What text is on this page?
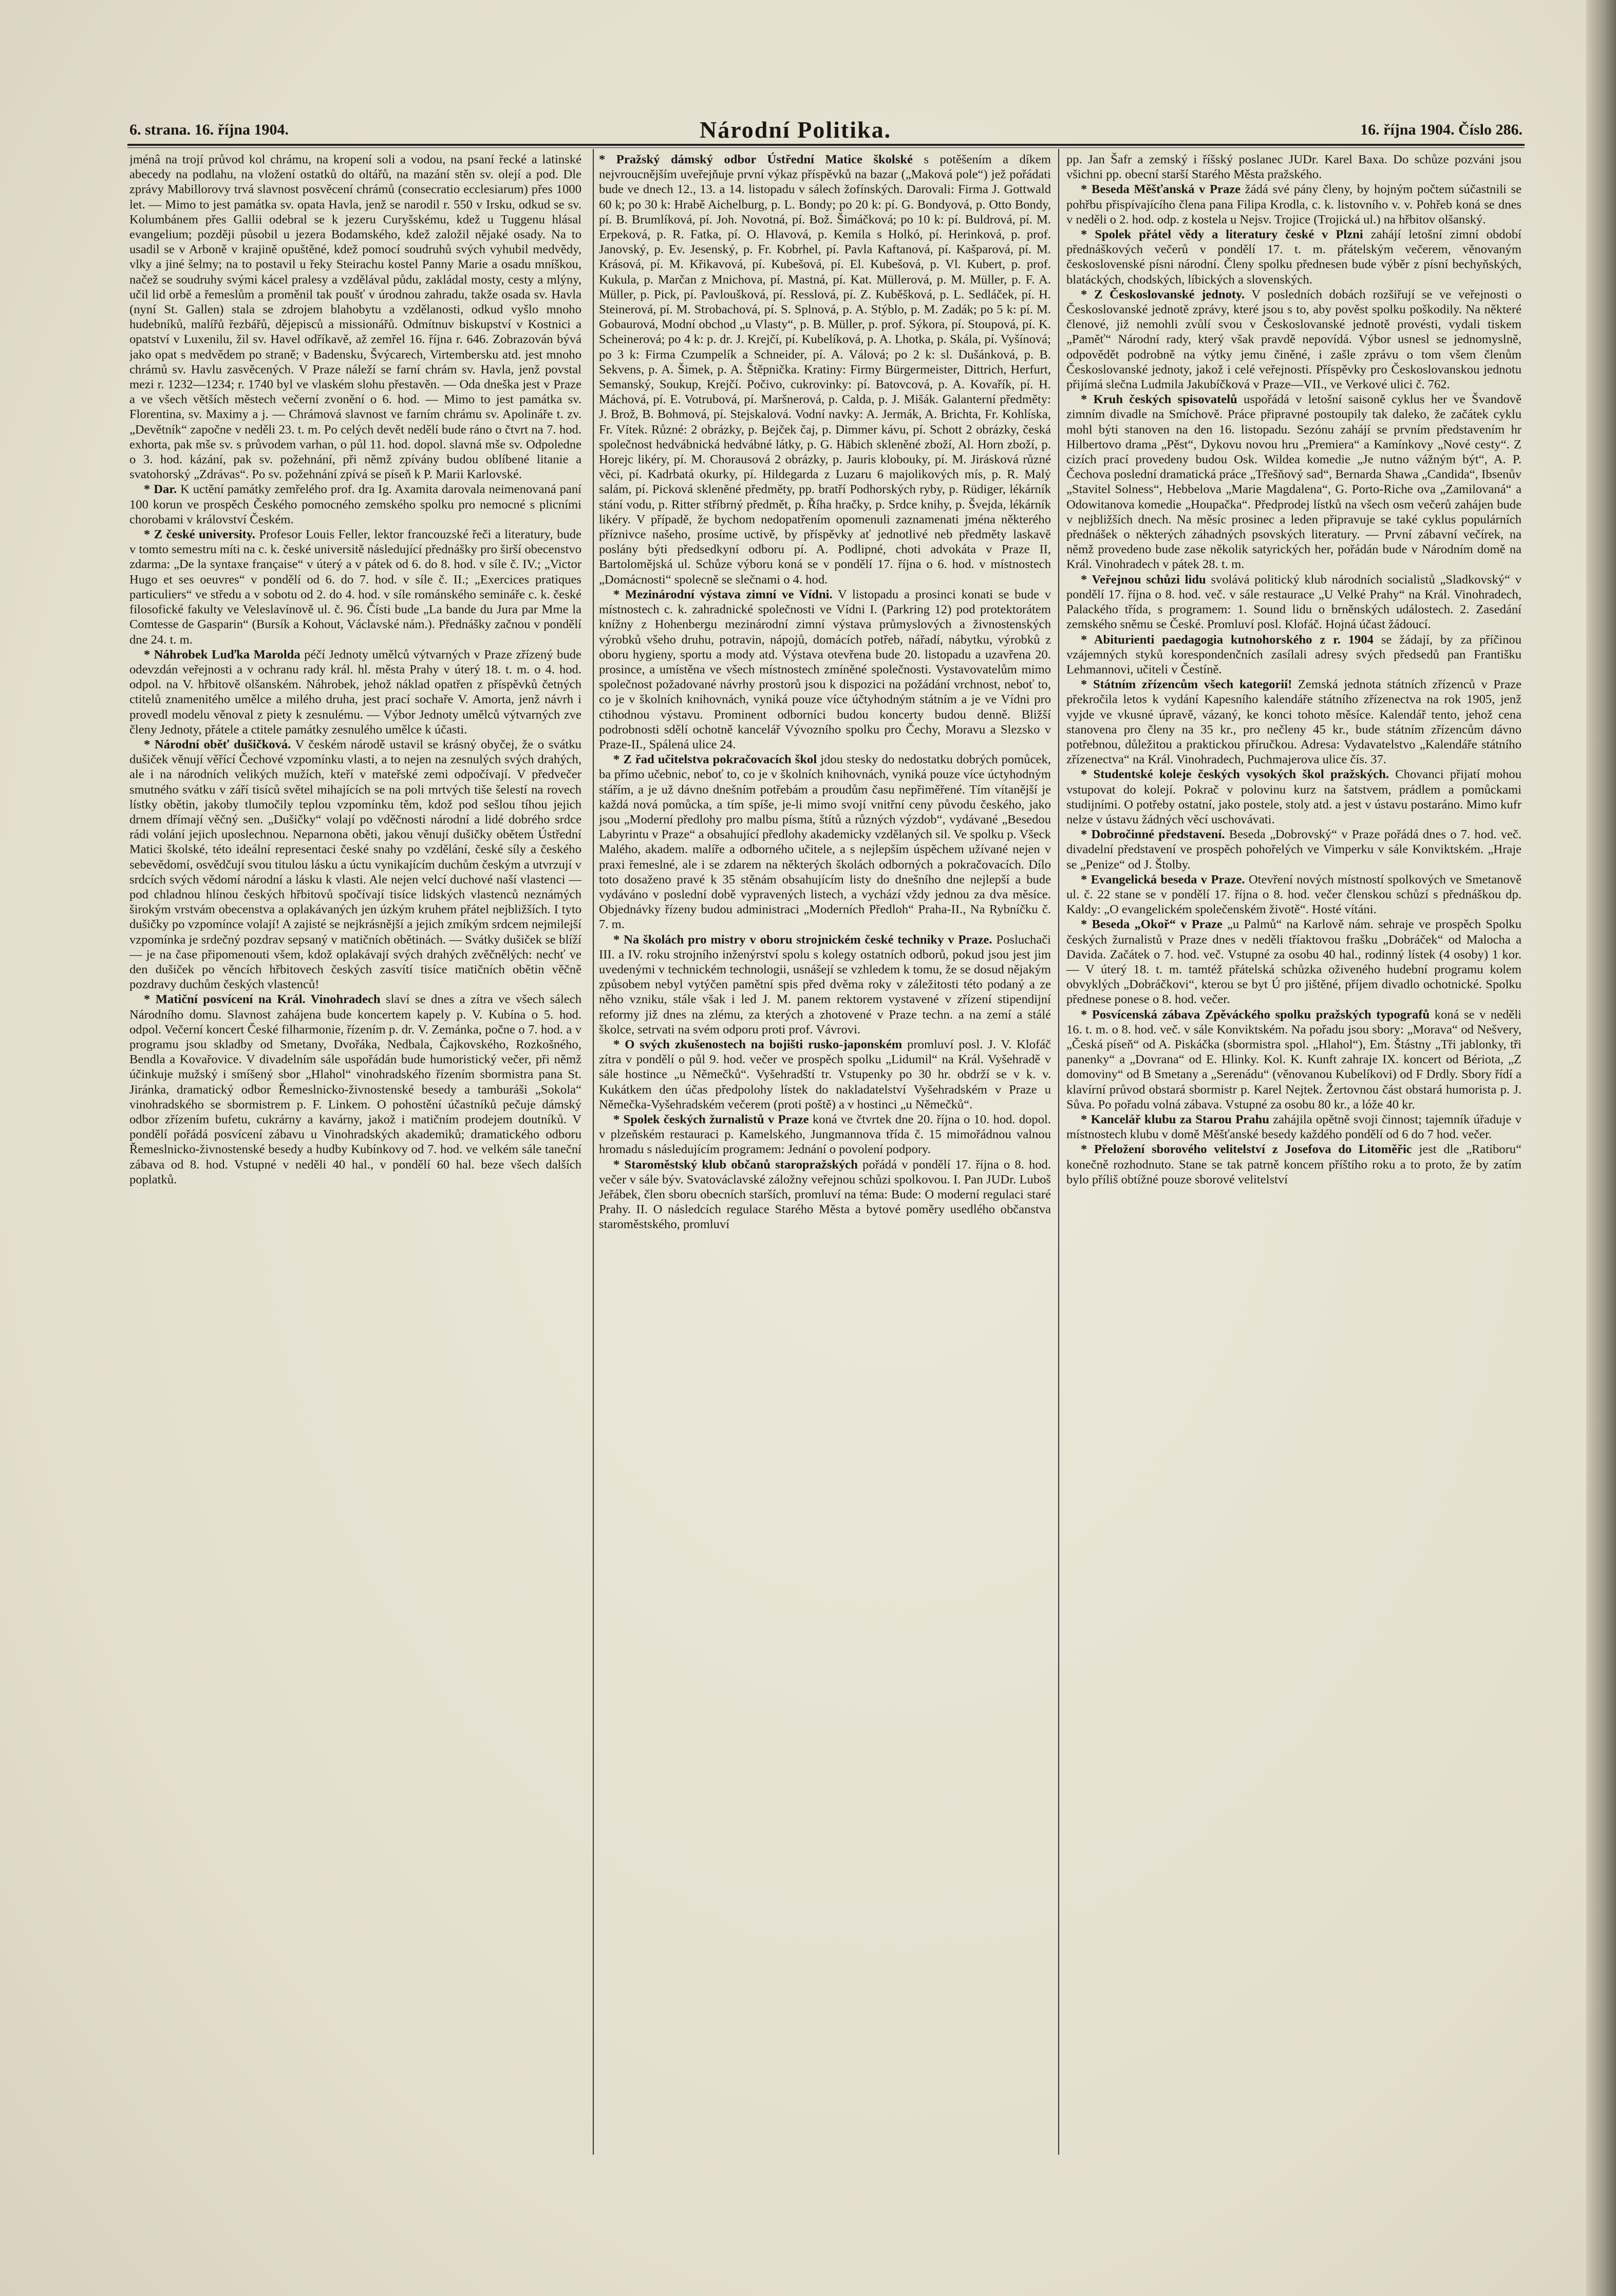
6. strana. 16. října 1904.	Národní Politika.	16. října 1904. Číslo 286.

jménâ na trojí průvod kol chrámu, na kropení soli a vodou, na psaní řecké a latinské abecedy na podlahu, na vložení ostatků do oltářů, na mazání stěn sv. olejí a pod. Dle zprávy Mabillorovy trvá slavnost posvěcení chrámů (consecratio ecclesiarum) přes 1000 let. — Mimo to jest památka sv. opata Havla, jenž se narodil r. 550 v Irsku, odkud se sv. Kolumbánem přes Gallii odebral se k jezeru Curyšskému, kdež u Tuggenu hlásal evangelium; později působil u jezera Bodamského, kdež založil nějaké osady. Na to usadil se v Arboně v krajině opuštěné, kdež pomocí soudruhů svých vyhubil medvědy, vlky a jiné šelmy; na to postavil u řeky Steirachu kostel Panny Marie a osadu mníškou, načež se soudruhy svými kácel pralesy a vzdělával půdu, zakládal mosty, cesty a mlýny, učil lid orbě a řemeslům a proměnil tak poušť v úrodnou zahradu, takže osada sv. Havla (nyní St. Gallen) stala se zdrojem blahobytu a vzdělanosti, odkud vyšlo mnoho hudebníků, malířů řezbářů, dějepisců a missionářů. Odmítnuv biskupství v Kostnici a opatství v Luxenilu, žil sv. Havel odříkavě, až zemřel 16. října r. 646. Zobrazován bývá jako opat s medvědem po straně; v Badensku, Švýcarech, Virtembersku atd. jest mnoho chrámů sv. Havlu zasvěcených. V Praze náleží se farní chrám sv. Havla, jenž povstal mezi r. 1232—1234; r. 1740 byl ve vlaském slohu přestavěn. — Oda dneška jest v Praze a ve všech větších městech večerní zvonění o 6. hod. — Mimo to jest památka sv. Florentina, sv. Maximy a j. — Chrámová slavnost ve farním chrámu sv. Apolináře t. zv. „Devětník“ započne v neděli 23. t. m. Po celých devět nedělí bude ráno o čtvrt na 7. hod. exhorta, pak mše sv. s průvodem varhan, o půl 11. hod. dopol. slavná mše sv. Odpoledne o 3. hod. kázání, pak sv. požehnání, při němž zpívány budou oblíbené litanie a svatohorský „Zdrávas“. Po sv. požehnání zpívá se píseň k P. Marii Karlovské.

* Dar. K uctění památky zemřelého prof. dra Ig. Axamita darovala neimenovaná paní 100 korun ve prospěch Českého pomocného zemského spolku pro nemocné s plicními chorobami v království Českém.

* Z české university. Profesor Louis Feller, lektor francouzské řeči a literatury, bude v tomto semestru míti na c. k. české universitě následující přednášky pro širší obecenstvo zdarma: „De la syntaxe française“ v úterý a v pátek od 6. do 8. hod. v síle č. IV.; „Victor Hugo et ses oeuvres“ v pondělí od 6. do 7. hod. v síle č. II.; „Exercices pratiques particuliers“ ve středu a v sobotu od 2. do 4. hod. v síle románského semináře c. k. české filosofické fakulty ve Veleslavínově ul. č. 96. Čísti bude „La bande du Jura par Mme la Comtesse de Gasparin“ (Bursík a Kohout, Václavské nám.). Přednášky začnou v pondělí dne 24. t. m.

* Náhrobek Luďka Marolda péčí Jednoty umělců výtvarných v Praze zřízený bude odevzdán veřejnosti a v ochranu rady král. hl. města Prahy v úterý 18. t. m. o 4. hod. odpol. na V. hřbitově olšanském. Náhrobek, jehož náklad opatřen z příspěvků četných ctitelů znamenitého umělce a milého druha, jest prací sochaře V. Amorta, jenž návrh i provedl modelu věnoval z piety k zesnulému. — Výbor Jednoty umělců výtvarných zve členy Jednoty, přátele a ctitele památky zesnulého umělce k účasti.

* Národní oběť dušičková. V českém národě ustavil se krásný obyčej, že o svátku dušiček věnují věřící Čechové vzpomínku vlasti, a to nejen na zesnulých svých drahých, ale i na národních velikých mužích, kteří v mateřské zemi odpočívají. V předvečer smutného svátku v září tisíců světel mihajících se na poli mrtvých tiše šelestí na rovech lístky obětin, jakoby tlumočily teplou vzpomínku těm, kdož pod sešlou tíhou jejich drnem dřímají věčný sen. „Dušičky“ volají po vděčnosti národní a lidé dobrého srdce rádi volání jejich uposlechnou. Neparnona oběti, jakou věnují dušičky obětem Ústřední Matici školské, této ideální representaci české snahy po vzdělání, české síly a českého sebevědomí, osvědčují svou titulou lásku a úctu vynikajícím duchům českým a utvrzují v srdcích svých vědomí národní a lásku k vlasti. Ale nejen velcí duchové naší vlastenci — pod chladnou hlínou českých hřbitovů spočívají tisíce lidských vlastenců neznámých širokým vrstvám obecenstva a oplakávaných jen úzkým kruhem přátel nejbližších. I tyto dušičky po vzpomínce volají! A zajisté se nejkrásnější a jejich zmíkým srdcem nejmilejší vzpomínka je srdečný pozdrav sepsaný v matičních obětinách. — Svátky dušiček se blíží — je na čase připomenouti všem, kdož oplakávají svých drahých zvěčnělých: nechť ve den dušiček po věncích hřbitovech českých zasvítí tisíce matičních obětin věčně pozdravy duchům českých vlastenců!

* Matiční posvícení na Král. Vinohradech slaví se dnes a zítra ve všech sálech Národního domu. Slavnost zahájena bude koncertem kapely p. V. Kubína o 5. hod. odpol. Večerní koncert České filharmonie, řízením p. dr. V. Zemánka, počne o 7. hod. a v programu jsou skladby od Smetany, Dvořáka, Nedbala, Čajkovského, Rozkošného, Bendla a Kovařovice. V divadelním sále uspořádán bude humoristický večer, při němž účinkuje mužský i smíšený sbor „Hlahol“ vinohradského řízením sbormistra pana St. Jiránka, dramatický odbor Řemeslnicko-živnostenské besedy a tamburáši „Sokola“ vinohradského se sbormistrem p. F. Linkem. O pohostění účastníků pečuje dámský odbor zřízením bufetu, cukrárny a kavárny, jakož i matičním prodejem doutníků. V pondělí pořádá posvícení zábavu u Vinohradských akademiků; dramatického odboru Řemeslnicko-živnostenské besedy a hudby Kubínkovy od 7. hod. ve velkém sále taneční zábava od 8. hod. Vstupné v neděli 40 hal., v pondělí 60 hal. beze všech dalších poplatků.

* Pražský dámský odbor Ústřední Matice školské s potěšením a díkem nejvroucnějším uveřejňuje první výkaz příspěvků na bazar („Maková pole“) jež pořádati bude ve dnech 12., 13. a 14. listopadu v sálech žofínských. Darovali: Firma J. Gottwald 60 k; po 30 k: Hrabě Aichelburg, p. L. Bondy; po 20 k: pí. G. Bondyová, p. Otto Bondy, pí. B. Brumlíková, pí. Joh. Novotná, pí. Bož. Šimáčková; po 10 k: pí. Buldrová, pí. M. Erpeková, p. R. Fatka, pí. O. Hlavová, p. Kemila s Holkó, pí. Herinková, p. prof. Janovský, p. Ev. Jesenský, p. Fr. Kobrhel, pí. Pavla Kaftanová, pí. Kašparová, pí. M. Krásová, pí. M. Křikavová, pí. Kubešová, pí. El. Kubešová, p. Vl. Kubert, p. prof. Kukula, p. Marčan z Mnichova, pí. Mastná, pí. Kat. Müllerová, p. M. Müller, p. F. A. Müller, p. Pick, pí. Pavloušková, pí. Resslová, pí. Z. Kuběšková, p. L. Sedláček, pí. H. Steinerová, pí. M. Strobachová, pí. S. Splnová, p. A. Stýblo, p. M. Zadák; po 5 k: pí. M. Gobaurová, Modní obchod „u Vlasty“, p. B. Müller, p. prof. Sýkora, pí. Stoupová, pí. K. Scheinerová; po 4 k: p. dr. J. Krejčí, pí. Kubelíková, p. A. Lhotka, p. Skála, pí. Vyšínová; po 3 k: Firma Czumpelík a Schneider, pí. A. Válová; po 2 k: sl. Dušánková, p. B. Sekvens, p. A. Šimek, p. A. Štěpnička. Kratiny: Firmy Bürgermeister, Dittrich, Herfurt, Semanský, Soukup, Krejčí. Počivo, cukrovinky: pí. Batovcová, p. A. Kovařík, pí. H. Máchová, pí. E. Votrubová, pí. Maršnerová, p. Calda, p. J. Mišák. Galanterní předměty: J. Brož, B. Bohmová, pí. Stejskalová. Vodní navky: A. Jermák, A. Brichta, Fr. Kohlíska, Fr. Vítek. Různé: 2 obrázky, p. Bejček čaj, p. Dimmer kávu, pí. Schott 2 obrázky, česká společnost hedvábnická hedvábné látky, p. G. Häbich skleněné zboží, Al. Horn zboží, p. Horejc likéry, pí. M. Chorausová 2 obrázky, p. Jauris klobouky, pí. M. Jirásková různé věci, pí. Kadrbatá okurky, pí. Hildegarda z Luzaru 6 majolikových mís, p. R. Malý salám, pí. Picková skleněné předměty, pp. bratří Podhorských ryby, p. Rüdiger, lékárník stání vodu, p. Ritter stříbrný předmět, p. Říha hračky, p. Srdce knihy, p. Švejda, lékárník likéry. V případě, že bychom nedopatřením opomenuli zaznamenati jména některého příznivce našeho, prosíme uctivě, by příspěvky ať jednotlivé neb předměty laskavě poslány býti předsedkyní odboru pí. A. Podlipné, choti advokáta v Praze II, Bartolomějská ul. Schůze výboru koná se v pondělí 17. října o 6. hod. v místnostech „Domácnosti“ spolecně se slečnami o 4. hod.

* Mezinárodní výstava zimní ve Vídni. V listopadu a prosinci konati se bude v místnostech c. k. zahradnické společnosti ve Vídni I. (Parkring 12) pod protektorátem knížny z Hohenbergu mezinárodní zimní výstava průmyslových a živnostenských výrobků všeho druhu, potravin, nápojů, domácích potřeb, nářadí, nábytku, výrobků z oboru hygieny, sportu a mody atd. Výstava otevřena bude 20. listopadu a uzavřena 20. prosince, a umístěna ve všech místnostech zmíněné společnosti. Vystavovatelům mimo společnost požadované návrhy prostorů jsou k dispozici na požádání vrchnost, neboť to, co je v školních knihovnách, vyniká pouze více účtyhodným státním a je ve Vídni pro ctihodnou výstavu. Prominent odborníci budou koncerty budou denně. Bližší podrobnosti sdělí ochotně kancelář Vývozního spolku pro Čechy, Moravu a Slezsko v Praze-II., Spálená ulice 24.

* Z řad učitelstva pokračovacích škol jdou stesky do nedostatku dobrých pomůcek, ba přímo učebnic, neboť to, co je v školních knihovnách, vyniká pouze více úctyhodným stářím, a je už dávno dnešním potřebám a proudům času nepřiměřené. Tím vítanější je každá nová pomůcka, a tím spíše, je-li mimo svojí vnitřní ceny původu českého, jako jsou „Moderní předlohy pro malbu písma, štítů a různých výzdob“, vydávané „Besedou Labyrintu v Praze“ a obsahující předlohy akademicky vzdělaných sil. Ve spolku p. Všeck Malého, akadem. malíře a odborného učitele, a s nejlepším úspěchem užívané nejen v praxi řemeslné, ale i se zdarem na některých školách odborných a pokračovacích. Dílo toto dosaženo pravé k 35 stěnám obsahujícím listy do dnešního dne nejlepší a bude vydáváno v poslední době vypravených listech, a vychází vždy jednou za dva měsíce. Objednávky řízeny budou administraci „Moderních Předloh“ Praha-II., Na Rybníčku č. 7. m.

* Na školách pro mistry v oboru strojnickém české techniky v Praze. Posluchači III. a IV. roku strojního inženýrství spolu s kolegy ostatních odborů, pokud jsou jest jim uvedenými v technickém technologii, usnášejí se vzhledem k tomu, že se dosud nějakým způsobem nebyl vytýčen pamětní spis před dvěma roky v záležitosti této podaný a ze něho vzniku, stále však i led J. M. panem rektorem vystavené v zřízení stipendijní reformy již dnes na zlému, za kterých a zhotovené v Praze techn. a na zemí a stálé školce, setrvati na svém odporu proti prof. Vávrovi.

* O svých zkušenostech na bojišti rusko-japonském promluví posl. J. V. Klofáč zítra v pondělí o půl 9. hod. večer ve prospěch spolku „Lidumil“ na Král. Vyšehradě v sále hostince „u Němečků“. Vyšehradští tr. Vstupenky po 30 hr. obdrží se v k. v. Kukátkem den účas předpolohy lístek do nakladatelství Vyšehradském v Praze u Němečka-Vyšehradském večerem (proti poště) a v hostinci „u Němečků“.

* Spolek českých žurnalistů v Praze koná ve čtvrtek dne 20. října o 10. hod. dopol. v plzeňském restauraci p. Kamelského, Jungmannova třída č. 15 mimořádnou valnou hromadu s následujícím programem: Jednání o povolení podpory.

* Staroměstský klub občanů staropražských pořádá v pondělí 17. října o 8. hod. večer v sále býv. Svatováclavské záložny veřejnou schůzi spolkovou. I. Pan JUDr. Luboš Jeřábek, člen sboru obecních starších, promluví na téma: Bude: O moderní regulaci staré Prahy. II. O následcích regulace Starého Města a bytové poměry usedlého občanstva staroměstského, promluví

pp. Jan Šafr a zemský i říšský poslanec JUDr. Karel Baxa. Do schůze pozváni jsou všichni pp. obecní starší Starého Města pražského.

* Beseda Měšťanská v Praze žádá své pány členy, by hojným počtem súčastnili se pohřbu přispívajícího člena pana Filipa Krodla, c. k. listovního v. v. Pohřeb koná se dnes v neděli o 2. hod. odp. z kostela u Nejsv. Trojice (Trojická ul.) na hřbitov olšanský.

* Spolek přátel vědy a literatury české v Plzni zahájí letošní zimní období přednáškových večerů v pondělí 17. t. m. přátelským večerem, věnovaným československé písni národní. Členy spolku přednesen bude výběr z písní bechyňských, blatáckých, chodských, líbických a slovenských.

* Z Českoslovanské jednoty. V posledních dobách rozšiřují se ve veřejnosti o Českoslovanské jednotě zprávy, které jsou s to, aby pověst spolku poškodily. Na některé členové, již nemohli zvůlí svou v Českoslovanské jednotě provésti, vydali tiskem „Paměť“ Národní rady, který však pravdě nepovídá. Výbor usnesl se jednomyslně, odpovědět podrobně na výtky jemu činěné, i zašle zprávu o tom všem členům Českoslovanské jednoty, jakož i celé veřejnosti. Příspěvky pro Českoslovanskou jednotu přijímá slečna Ludmila Jakubíčková v Praze—VII., ve Verkové ulici č. 762.

* Kruh českých spisovatelů uspořádá v letošní saisoně cyklus her ve Švandově zimním divadle na Smíchově. Práce připravné postoupily tak daleko, že začátek cyklu mohl býti stanoven na den 16. listopadu. Sezónu zahájí se prvním představením hr Hilbertovo drama „Pěst“, Dykovu novou hru „Premiera“ a Kamínkovy „Nové cesty“. Z cizích prací provedeny budou Osk. Wildea komedie „Je nutno vážným být“, A. P. Čechova poslední dramatická práce „Třešňový sad“, Bernarda Shawa „Candida“, Ibsenův „Stavitel Solness“, Hebbelova „Marie Magdalena“, G. Porto-Riche ova „Zamilovaná“ a Odowitanova komedie „Houpačka“. Předprodej lístků na všech osm večerů zahájen bude v nejbližších dnech. Na měsíc prosinec a leden připravuje se také cyklus populárních přednášek o některých záhadných psovských literatury. — První zábavní večírek, na němž provedeno bude zase několik satyrických her, pořádán bude v Národním domě na Král. Vinohradech v pátek 28. t. m.

* Veřejnou schůzi lidu svolává politický klub národních socialistů „Sladkovský“ v pondělí 17. října o 8. hod. več. v sále restaurace „U Velké Prahy“ na Král. Vinohradech, Palackého třída, s programem: 1. Sound lidu o brněnských událostech. 2. Zasedání zemského sněmu se České. Promluví posl. Klofáč. Hojná účast žádoucí.

* Abiturienti paedagogia kutnohorského z r. 1904 se žádají, by za příčinou vzájemných styků korespondenčních zasílali adresy svých předsedů pan Františku Lehmannovi, učiteli v Čestíně.

* Státním zřízencům všech kategorií! Zemská jednota státních zřízenců v Praze překročila letos k vydání Kapesního kalendáře státního zřízenectva na rok 1905, jenž vyjde ve vkusné úpravě, vázaný, ke konci tohoto měsíce. Kalendář tento, jehož cena stanovena pro členy na 35 kr., pro nečleny 45 kr., bude státním zřízencům dávno potřebnou, důležitou a praktickou příručkou. Adresa: Vydavatelstvo „Kalendáře státního zřízenectva“ na Král. Vinohradech, Puchmajerova ulice čís. 37.

* Studentské koleje českých vysokých škol pražských. Chovanci přijatí mohou vstupovat do kolejí. Pokrač v polovinu kurz na šatstvem, prádlem a pomůckami studijními. O potřeby ostatní, jako postele, stoly atd. a jest v ústavu postaráno. Mimo kufr nelze v ústavu žádných věcí uschovávati.

* Dobročinné představení. Beseda „Dobrovský“ v Praze pořádá dnes o 7. hod. več. divadelní představení ve prospěch pohořelých ve Vimperku v sále Konviktském. „Hraje se „Penize“ od J. Štolby.

* Evangelická beseda v Praze. Otevření nových místností spolkových ve Smetanově ul. č. 22 stane se v pondělí 17. října o 8. hod. večer členskou schůzí s přednáškou dp. Kaldy: „O evangelickém společenském životě“. Hosté vítáni.

* Beseda „Okoř“ v Praze „u Palmů“ na Karlově nám. sehraje ve prospěch Spolku českých žurnalistů v Praze dnes v neděli tříaktovou frašku „Dobráček“ od Malocha a Davida. Začátek o 7. hod. več. Vstupné za osobu 40 hal., rodinný lístek (4 osoby) 1 kor. — V úterý 18. t. m. tamtéž přátelská schůzka oživeného hudební programu kolem obvyklých „Dobráčkovi“, kterou se byt Ú pro jištěné, příjem divadlo ochotnické. Spolku přednese ponese o 8. hod. večer.

* Posvícenská zábava Zpěváckého spolku pražských typografů koná se v neděli 16. t. m. o 8. hod. več. v sále Konviktském. Na pořadu jsou sbory: „Morava“ od Nešvery, „Česká píseň“ od A. Piskáčka (sbormistra spol. „Hlahol“), Em. Štástny „Tři jablonky, tři panenky“ a „Dovrana“ od E. Hlinky. Kol. K. Kunft zahraje IX. koncert od Bériota, „Z domoviny“ od B Smetany a „Serenádu“ (věnovanou Kubelíkovi) od F Drdly. Sbory řídí a klavírní průvod obstará sbormistr p. Karel Nejtek. Žertovnou část obstará humorista p. J. Sůva. Po pořadu volná zábava. Vstupné za osobu 80 kr., a lóže 40 kr.

* Kancelář klubu za Starou Prahu zahájila opětně svoji činnost; tajemník úřaduje v místnostech klubu v domě Měšťanské besedy každého pondělí od 6 do 7 hod. večer.

* Přeložení sborového velitelství z Josefova do Litoměřic jest dle „Ratiboru“ konečně rozhodnuto. Stane se tak patrně koncem příštího roku a to proto, že by zatím bylo příliš obtížné pouze sborové velitelství
